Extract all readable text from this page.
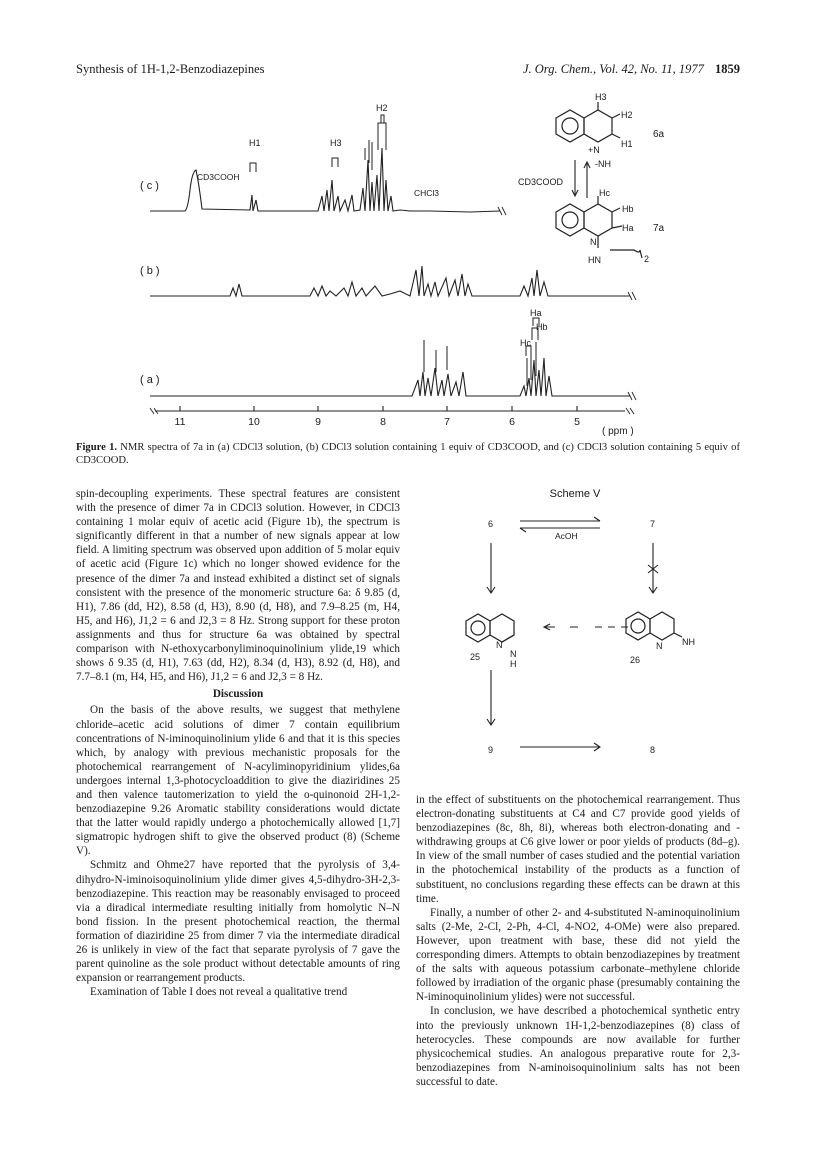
Synthesis of 1H-1,2-Benzodiazepines	J. Org. Chem., Vol. 42, No. 11, 1977 1859
( c )
( b )
( a )
CD3COOH
CHCl3
H1
H2
H3
Ha
Hb
Hc
11	10	9	8	7	6	5
( ppm )
H3
H2
H1
+N
-NH
6a
CD3COOD
Hc
Hb
Ha
N
HN	2
7a
Figure 1. NMR spectra of 7a in (a) CDCl3 solution, (b) CDCl3 solution containing 1 equiv of CD3COOD, and (c) CDCl3 solution containing 5 equiv of CD3COOD.

spin-decoupling experiments. These spectral features are consistent with the presence of dimer 7a in CDCl3 solution. However, in CDCl3 containing 1 molar equiv of acetic acid (Figure 1b), the spectrum is significantly different in that a number of new signals appear at low field. A limiting spectrum was observed upon addition of 5 molar equiv of acetic acid (Figure 1c) which no longer showed evidence for the presence of the dimer 7a and instead exhibited a distinct set of signals consistent with the presence of the monomeric structure 6a: δ 9.85 (d, H1), 7.86 (dd, H2), 8.58 (d, H3), 8.90 (d, H8), and 7.9–8.25 (m, H4, H5, and H6), J1,2 = 6 and J2,3 = 8 Hz. Strong support for these proton assignments and thus for structure 6a was obtained by spectral comparison with N-ethoxycarbonyliminoquinolinium ylide,19 which shows δ 9.35 (d, H1), 7.63 (dd, H2), 8.34 (d, H3), 8.92 (d, H8), and 7.7–8.1 (m, H4, H5, and H6), J1,2 = 6 and J2,3 = 8 Hz.

Discussion

On the basis of the above results, we suggest that methylene chloride–acetic acid solutions of dimer 7 contain equilibrium concentrations of N-iminoquinolinium ylide 6 and that it is this species which, by analogy with previous mechanistic proposals for the photochemical rearrangement of N-acyliminopyridinium ylides,6a undergoes internal 1,3-photocycloaddition to give the diaziridines 25 and then valence tautomerization to yield the o-quinonoid 2H-1,2-benzodiazepine 9.26 Aromatic stability considerations would dictate that the latter would rapidly undergo a photochemically allowed [1,7] sigmatropic hydrogen shift to give the observed product (8) (Scheme V).

Schmitz and Ohme27 have reported that the pyrolysis of 3,4-dihydro-N-iminoisoquinolinium ylide dimer gives 4,5-dihydro-3H-2,3-benzodiazepine. This reaction may be reasonably envisaged to proceed via a diradical intermediate resulting initially from homolytic N–N bond fission. In the present photochemical reaction, the thermal formation of diaziridine 25 from dimer 7 via the intermediate diradical 26 is unlikely in view of the fact that separate pyrolysis of 7 gave the parent quinoline as the sole product without detectable amounts of ring expansion or rearrangement products.

Examination of Table I does not reveal a qualitative trend

Scheme V
6	7
AcOH
25	26
9	8
N
N
H
N NH

in the effect of substituents on the photochemical rearrangement. Thus electron-donating substituents at C4 and C7 provide good yields of benzodiazepines (8c, 8h, 8i), whereas both electron-donating and -withdrawing groups at C6 give lower or poor yields of products (8d–g). In view of the small number of cases studied and the potential variation in the photochemical instability of the products as a function of substituent, no conclusions regarding these effects can be drawn at this time.

Finally, a number of other 2- and 4-substituted N-aminoquinolinium salts (2-Me, 2-Cl, 2-Ph, 4-Cl, 4-NO2, 4-OMe) were also prepared. However, upon treatment with base, these did not yield the corresponding dimers. Attempts to obtain benzodiazepines by treatment of the salts with aqueous potassium carbonate–methylene chloride followed by irradiation of the organic phase (presumably containing the N-iminoquinolinium ylides) were not successful.

In conclusion, we have described a photochemical synthetic entry into the previously unknown 1H-1,2-benzodiazepines (8) class of heterocycles. These compounds are now available for further physicochemical studies. An analogous preparative route for 2,3-benzodiazepines from N-aminoisoquinolinium salts has not been successful to date.
